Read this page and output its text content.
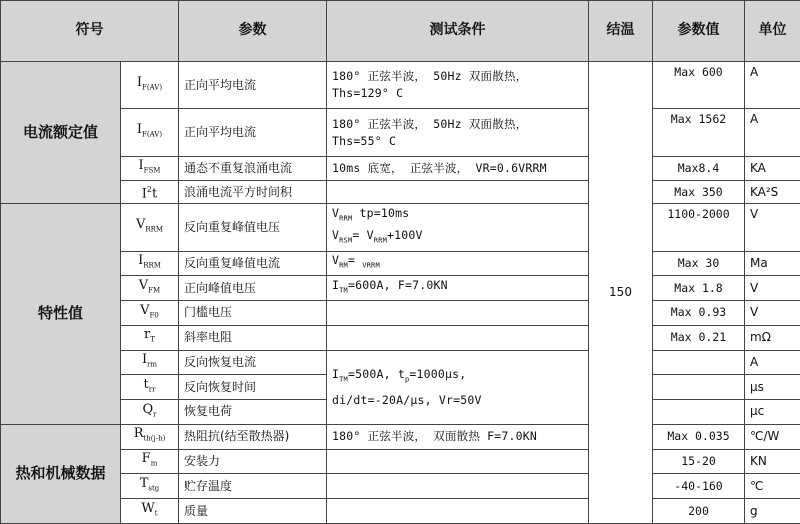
符号		参数	测试条件	结温	参数值	单位
电流额定值	$I_{F(AV)}$	正向平均电流	180° 正弦半波， 50Hz 双面散热，
Ths=129° C	150	Max 600	A
	$I_{F(AV)}$	正向平均电流	180° 正弦半波， 50Hz 双面散热，
Ths=55° C		Max 1562	A
	$I_{FSM}$	通态不重复浪涌电流	10ms 底宽， 正弦半波， VR=0.6VRRM		Max8.4	KA
	$I^2t$	浪涌电流平方时间积			Max 350	KA²S
特性值	$V_{RRM}$	反向重复峰值电压	$V_{RRM}$ tp=10ms
$V_{RSM}= V_{RRM}+100V$		1100-2000	V
	$I_{RRM}$	反向重复峰值电流	$V_{RM}= _{VRRM}$		Max 30	Ma
	$V_{FM}$	正向峰值电压	$I_{TM}=600A$, F=7.0KN		Max 1.8	V
	$V_{F0}$	门槛电压			Max 0.93	V
	$r_T$	斜率电阻			Max 0.21	mΩ
	$I_{rm}$	反向恢复电流	$I_{TM}=500A$, $t_p=1000\mu s$,
di/dt=-20A/μs, Vr=50V			A
	$t_{rr}$	反向恢复时间				μs
	$Q_r$	恢复电荷				μc
热和机械数据	$R_{th(j-h)}$	热阻抗(结至散热器)	180° 正弦半波， 双面散热 F=7.0KN		Max 0.035	℃/W
	$F_m$	安装力			15-20	KN
	$T_{stg}$	贮存温度			-40-160	℃
	$W_t$	质量			200	g
